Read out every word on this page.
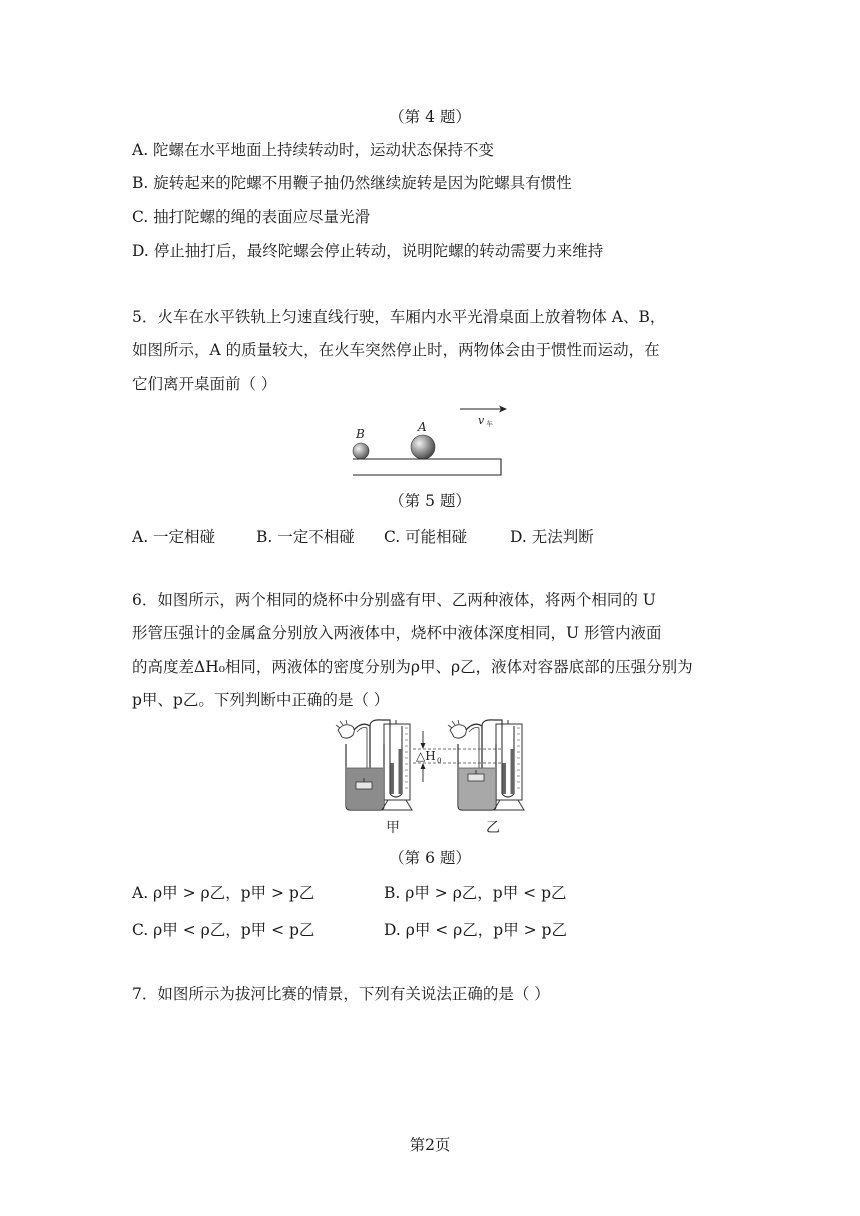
（第 4 题）
A. 陀螺在水平地面上持续转动时，运动状态保持不变
B. 旋转起来的陀螺不用鞭子抽仍然继续旋转是因为陀螺具有惯性
C. 抽打陀螺的绳的表面应尽量光滑
D. 停止抽打后，最终陀螺会停止转动，说明陀螺的转动需要力来维持
5．火车在水平铁轨上匀速直线行驶，车厢内水平光滑桌面上放着物体 A、B，
如图所示，A 的质量较大，在火车突然停止时，两物体会由于惯性而运动，在
它们离开桌面前（ ）
v 车
B	A
（第 5 题）
A. 一定相碰	B. 一定不相碰 C. 可能相碰	D. 无法判断
6．如图所示，两个相同的烧杯中分别盛有甲、乙两种液体，将两个相同的 U
形管压强计的金属盒分别放入两液体中，烧杯中液体深度相同，U 形管内液面
的高度差ΔH₀相同，两液体的密度分别为ρ甲、ρ乙，液体对容器底部的压强分别为
p甲、p乙。下列判断中正确的是（ ）
△H 0
甲	乙
（第 6 题）
A. ρ甲 > ρ乙，p甲 > p乙	B. ρ甲 > ρ乙，p甲 < p乙
C. ρ甲 < ρ乙，p甲 < p乙	D. ρ甲 < ρ乙，p甲 > p乙
7．如图所示为拔河比赛的情景，下列有关说法正确的是（ ）
第2页
